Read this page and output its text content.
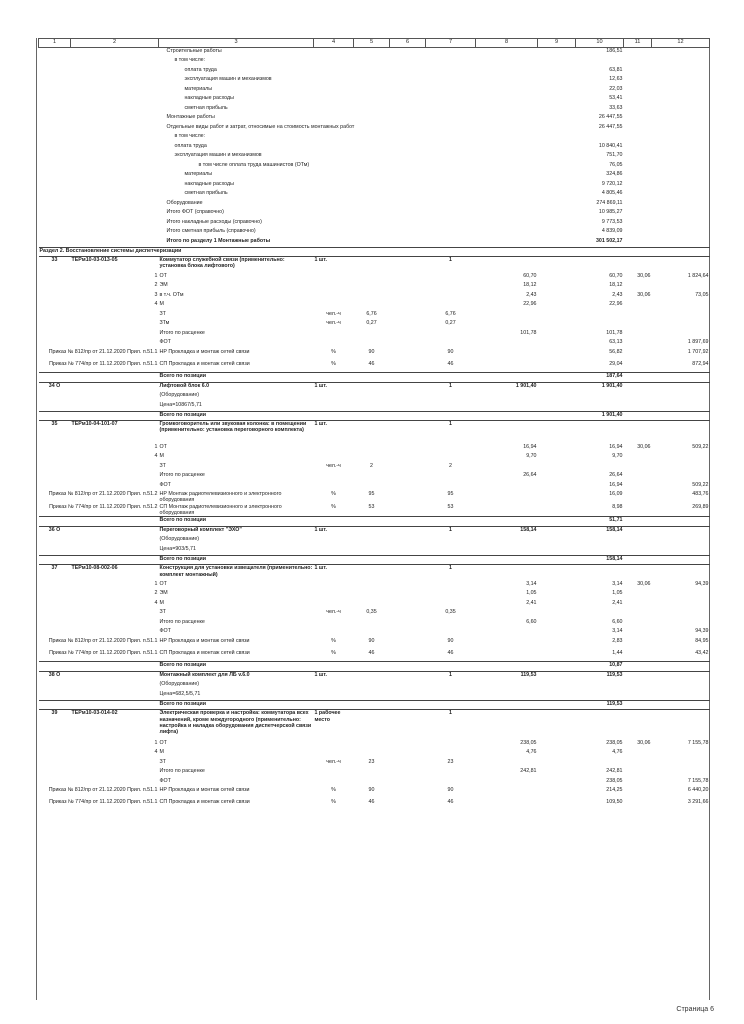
1	2	3	4	5	6	7	8	9	10	11	12
		Строительные работы							186,51		
		в том числе:									
		оплата труда							63,81		
		эксплуатация машин и механизмов							12,63		
		материалы							22,03		
		накладные расходы							53,41		
		сметная прибыль							33,63		
		Монтажные работы							26 447,55		
		Отдельные виды работ и затрат, относимые на стоимость монтажных работ							26 447,55		
		в том числе:									
		оплата труда							10 840,41		
		эксплуатация машин и механизмов							751,70		
		в том числе оплата труда машинистов (ОТм)							76,05		
		материалы							324,86		
		накладные расходы							9 720,12		
		сметная прибыль							4 805,46		
		Оборудование							274 869,11		
		Итого ФОТ (справочно)							10 985,27		
		Итого накладные расходы (справочно)							9 773,53		
		Итого сметная прибыль (справочно)							4 839,09		
		Итого по разделу 1 Монтажные работы							301 502,17		
Раздел 2. Восстановление системы диспетчеризации											
33	ТЕРм10-03-013-05	Коммутатор служебной связи (применительно: установка блока лифтового)	1 шт.			1					
	1	ОТ					60,70		60,70	30,06	1 824,64
	2	ЭМ					18,12		18,12		
	3	в т.ч. ОТм					2,43		2,43	30,06	73,05
	4	М					22,96		22,96		
		ЗТ	чел.-ч	6,76		6,76					
		ЗТм	чел.-ч	0,27		0,27					
		Итого по расценке					101,78		101,78		
		ФОТ							63,13		1 897,69
Приказ № 812/пр от 21.12.2020 Прил. п.51.1		НР Прокладка и монтаж сетей связи	%	90		90			56,82		1 707,92
Приказ № 774/пр от 11.12.2020 Прил. п.51.1		СП Прокладка и монтаж сетей связи	%	46		46			29,04		872,94
		Всего по позиции							187,64		
34 О		Лифтовой блок 6.0	1 шт.			1	1 901,40		1 901,40		
		(Оборудование)									
		Цена=10867/5,71									
		Всего по позиции							1 901,40		
35	ТЕРм10-04-101-07	Громкоговоритель или звуковая колонка: в помещении (применительно: установка переговорного комплекта)	1 шт.			1					
	1	ОТ					16,94		16,94	30,06	509,22
	4	М					9,70		9,70		
		ЗТ	чел.-ч	2		2					
		Итого по расценке					26,64		26,64		
		ФОТ							16,94		509,22
Приказ № 812/пр от 21.12.2020 Прил. п.51.2		НР Монтаж радиотелевизионного и электронного оборудования	%	95		95			16,09		483,76
Приказ № 774/пр от 11.12.2020 Прил. п.51.2		СП Монтаж радиотелевизионного и электронного оборудования	%	53		53			8,98		269,89
		Всего по позиции							51,71		
36 О		Переговорный комплект "ЭХО"	1 шт.			1	158,14		158,14		
		(Оборудование)									
		Цена=903/5,71									
		Всего по позиции							158,14		
37	ТЕРм10-08-002-06	Конструкция для установки извещателя (применительно: комплект монтажный)	1 шт.			1					
	1	ОТ					3,14		3,14	30,06	94,39
	2	ЭМ					1,05		1,05		
	4	М					2,41		2,41		
		ЗТ	чел.-ч	0,35		0,35					
		Итого по расценке					6,60		6,60		
		ФОТ							3,14		94,39
Приказ № 812/пр от 21.12.2020 Прил. п.51.1		НР Прокладка и монтаж сетей связи	%	90		90			2,83		84,95
Приказ № 774/пр от 11.12.2020 Прил. п.51.1		СП Прокладка и монтаж сетей связи	%	46		46			1,44		43,42
		Всего по позиции							10,87		
38 О		Монтажный комплект для ЛБ v.6.0	1 шт.			1	119,53		119,53		
		(Оборудование)									
		Цена=682,5/5,71									
		Всего по позиции							119,53		
39	ТЕРм10-03-014-02	Электрическая проверка и настройка: коммутатора всех назначений, кроме междугородного (применительно: настройка и наладка оборудования диспетчерской связи лифта)	1 рабочее место			1					
	1	ОТ					238,05		238,05	30,06	7 155,78
	4	М					4,76		4,76		
		ЗТ	чел.-ч	23		23					
		Итого по расценке					242,81		242,81		
		ФОТ							238,05		7 155,78
Приказ № 812/пр от 21.12.2020 Прил. п.51.1		НР Прокладка и монтаж сетей связи	%	90		90			214,25		6 440,20
Приказ № 774/пр от 11.12.2020 Прил. п.51.1		СП Прокладка и монтаж сетей связи	%	46		46			109,50		3 291,66
Страница 6
